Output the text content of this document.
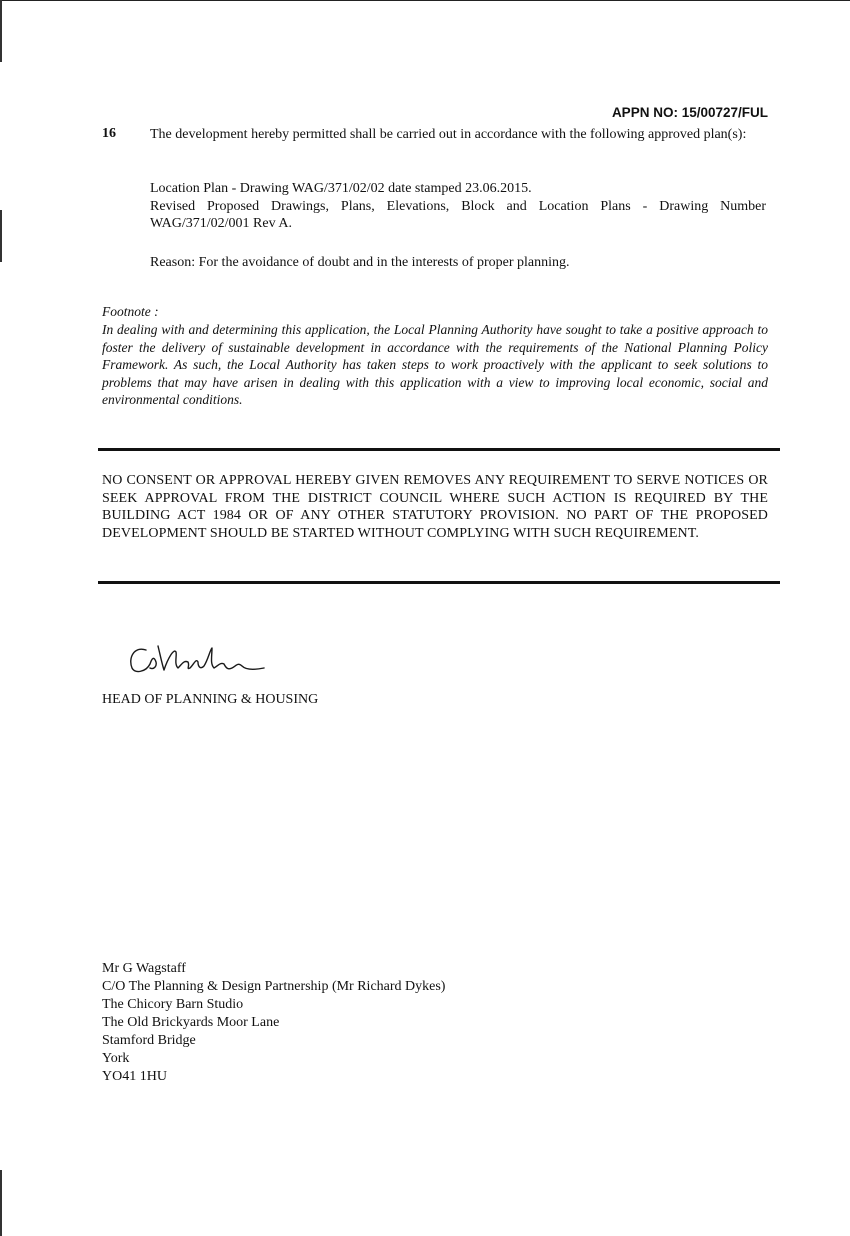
APPN NO: 15/00727/FUL
16 The development hereby permitted shall be carried out in accordance with the following approved plan(s):

Location Plan - Drawing WAG/371/02/02 date stamped 23.06.2015.

Revised Proposed Drawings, Plans, Elevations, Block and Location Plans - Drawing Number WAG/371/02/001 Rev A.

Reason: For the avoidance of doubt and in the interests of proper planning.
Footnote :
In dealing with and determining this application, the Local Planning Authority have sought to take a positive approach to foster the delivery of sustainable development in accordance with the requirements of the National Planning Policy Framework. As such, the Local Authority has taken steps to work proactively with the applicant to seek solutions to problems that may have arisen in dealing with this application with a view to improving local economic, social and environmental conditions.
NO CONSENT OR APPROVAL HEREBY GIVEN REMOVES ANY REQUIREMENT TO SERVE NOTICES OR SEEK APPROVAL FROM THE DISTRICT COUNCIL WHERE SUCH ACTION IS REQUIRED BY THE BUILDING ACT 1984 OR OF ANY OTHER STATUTORY PROVISION. NO PART OF THE PROPOSED DEVELOPMENT SHOULD BE STARTED WITHOUT COMPLYING WITH SUCH REQUIREMENT.
HEAD OF PLANNING & HOUSING
Mr G Wagstaff
C/O The Planning & Design Partnership (Mr Richard Dykes)
The Chicory Barn Studio
The Old Brickyards Moor Lane
Stamford Bridge
York
YO41 1HU
